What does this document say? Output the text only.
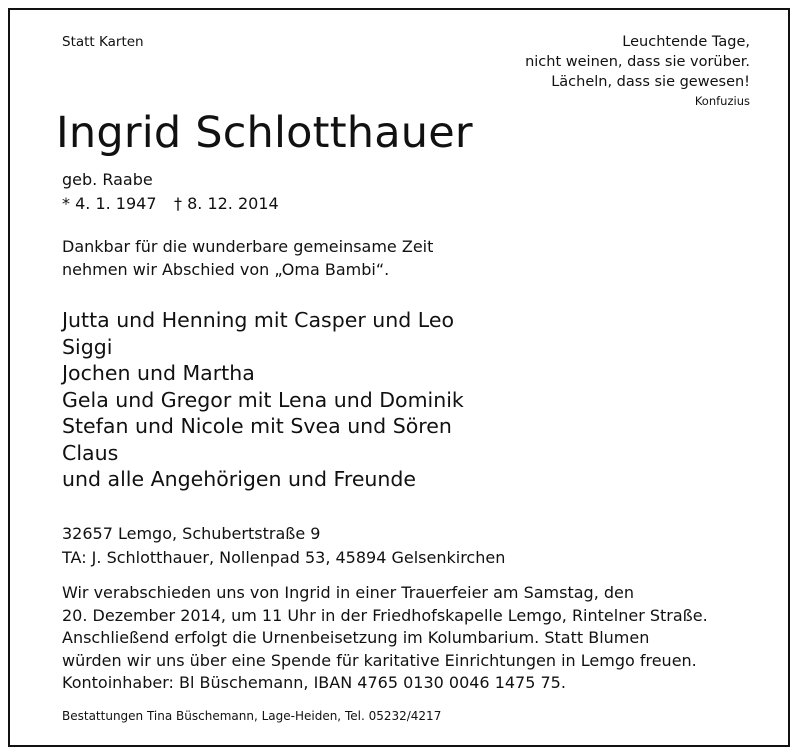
Statt Karten	Leuchtende Tage,
nicht weinen, dass sie vorüber.
Lächeln, dass sie gewesen!
Konfuzius
Ingrid Schlotthauer
geb. Raabe
* 4. 1. 1947 † 8. 12. 2014
Dankbar für die wunderbare gemeinsame Zeit
nehmen wir Abschied von „Oma Bambi“.
Jutta und Henning mit Casper und Leo
Siggi
Jochen und Martha
Gela und Gregor mit Lena und Dominik
Stefan und Nicole mit Svea und Sören
Claus
und alle Angehörigen und Freunde
32657 Lemgo, Schubertstraße 9
TA: J. Schlotthauer, Nollenpad 53, 45894 Gelsenkirchen
Wir verabschieden uns von Ingrid in einer Trauerfeier am Samstag, den
20. Dezember 2014, um 11 Uhr in der Friedhofskapelle Lemgo, Rintelner Straße.
Anschließend erfolgt die Urnenbeisetzung im Kolumbarium. Statt Blumen
würden wir uns über eine Spende für karitative Einrichtungen in Lemgo freuen.
Kontoinhaber: Bl Büschemann, IBAN 4765 0130 0046 1475 75.
Bestattungen Tina Büschemann, Lage-Heiden, Tel. 05232/4217
